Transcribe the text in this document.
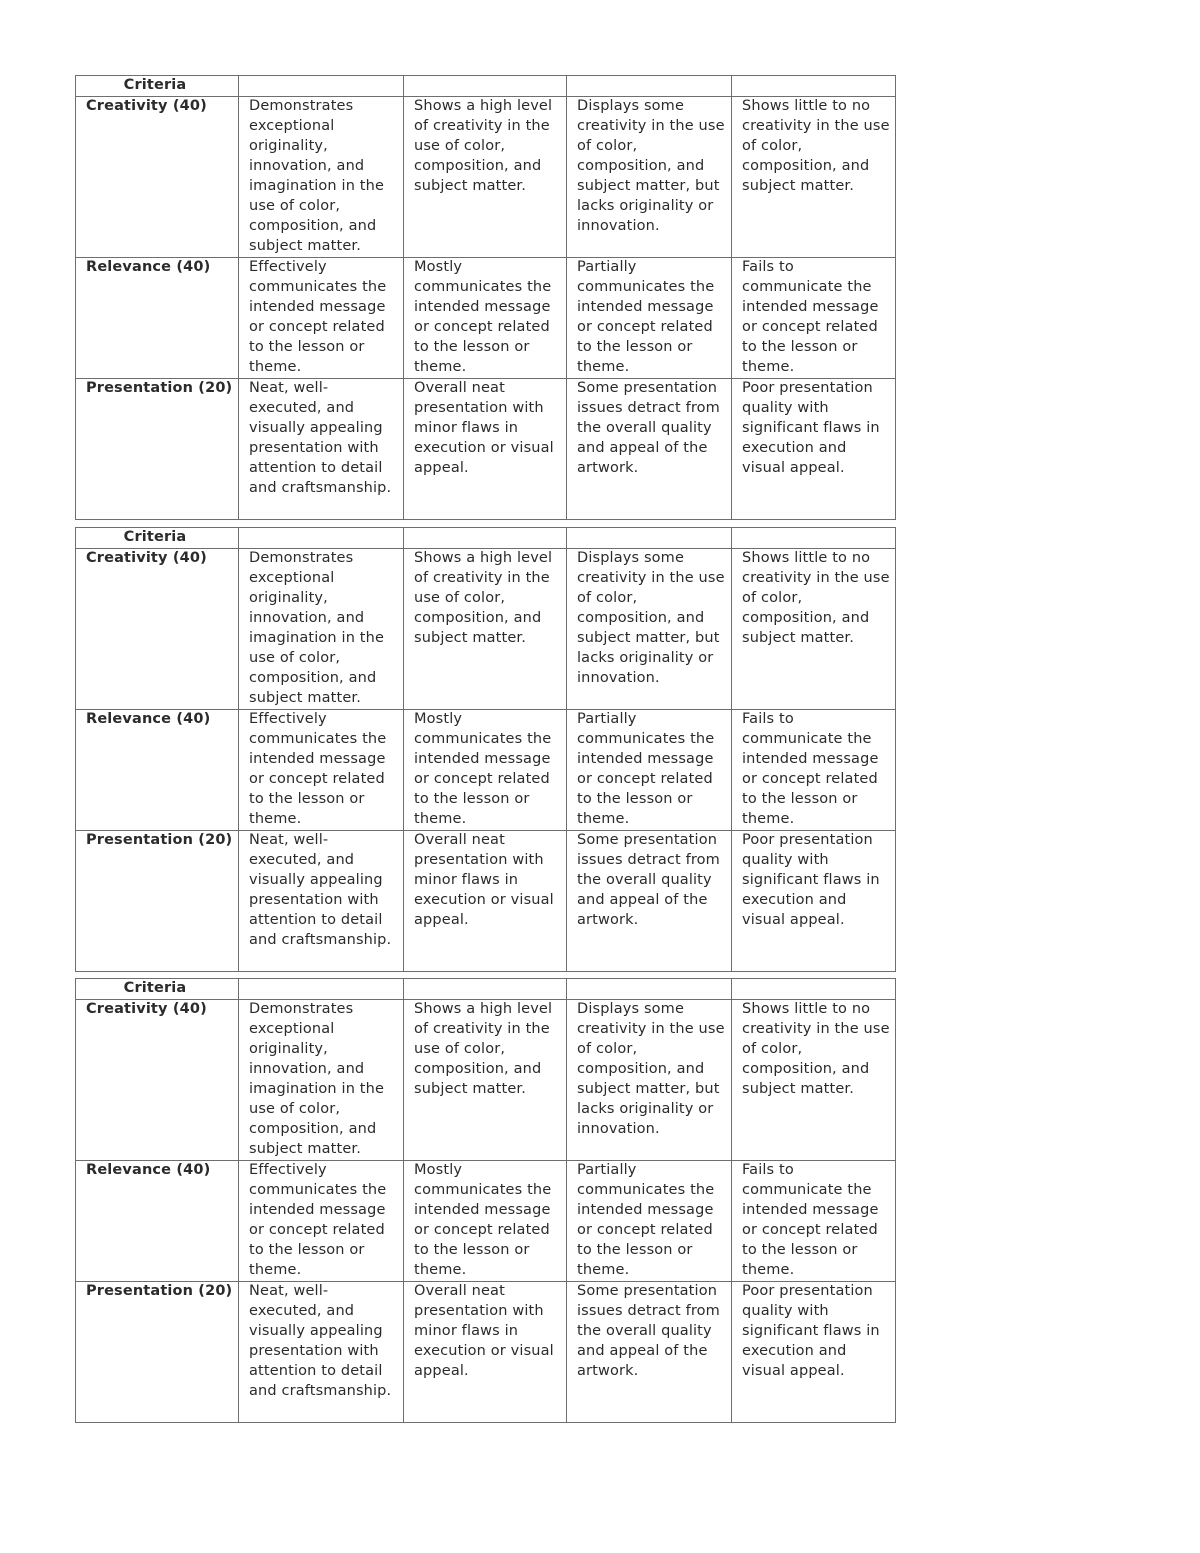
Criteria				
Creativity (40)	Demonstrates exceptional originality, innovation, and imagination in the use of color, composition, and subject matter.	Shows a high level of creativity in the use of color, composition, and subject matter.	Displays some creativity in the use of color, composition, and subject matter, but lacks originality or innovation.	Shows little to no creativity in the use of color, composition, and subject matter.
Relevance (40)	Effectively communicates the intended message or concept related to the lesson or theme.	Mostly communicates the intended message or concept related to the lesson or theme.	Partially communicates the intended message or concept related to the lesson or theme.	Fails to communicate the intended message or concept related to the lesson or theme.
Presentation (20)	Neat, well-executed, and visually appealing presentation with attention to detail and craftsmanship.	Overall neat presentation with minor flaws in execution or visual appeal.	Some presentation issues detract from the overall quality and appeal of the artwork.	Poor presentation quality with significant flaws in execution and visual appeal.
Criteria				
Creativity (40)	Demonstrates exceptional originality, innovation, and imagination in the use of color, composition, and subject matter.	Shows a high level of creativity in the use of color, composition, and subject matter.	Displays some creativity in the use of color, composition, and subject matter, but lacks originality or innovation.	Shows little to no creativity in the use of color, composition, and subject matter.
Relevance (40)	Effectively communicates the intended message or concept related to the lesson or theme.	Mostly communicates the intended message or concept related to the lesson or theme.	Partially communicates the intended message or concept related to the lesson or theme.	Fails to communicate the intended message or concept related to the lesson or theme.
Presentation (20)	Neat, well-executed, and visually appealing presentation with attention to detail and craftsmanship.	Overall neat presentation with minor flaws in execution or visual appeal.	Some presentation issues detract from the overall quality and appeal of the artwork.	Poor presentation quality with significant flaws in execution and visual appeal.
Criteria				
Creativity (40)	Demonstrates exceptional originality, innovation, and imagination in the use of color, composition, and subject matter.	Shows a high level of creativity in the use of color, composition, and subject matter.	Displays some creativity in the use of color, composition, and subject matter, but lacks originality or innovation.	Shows little to no creativity in the use of color, composition, and subject matter.
Relevance (40)	Effectively communicates the intended message or concept related to the lesson or theme.	Mostly communicates the intended message or concept related to the lesson or theme.	Partially communicates the intended message or concept related to the lesson or theme.	Fails to communicate the intended message or concept related to the lesson or theme.
Presentation (20)	Neat, well-executed, and visually appealing presentation with attention to detail and craftsmanship.	Overall neat presentation with minor flaws in execution or visual appeal.	Some presentation issues detract from the overall quality and appeal of the artwork.	Poor presentation quality with significant flaws in execution and visual appeal.
